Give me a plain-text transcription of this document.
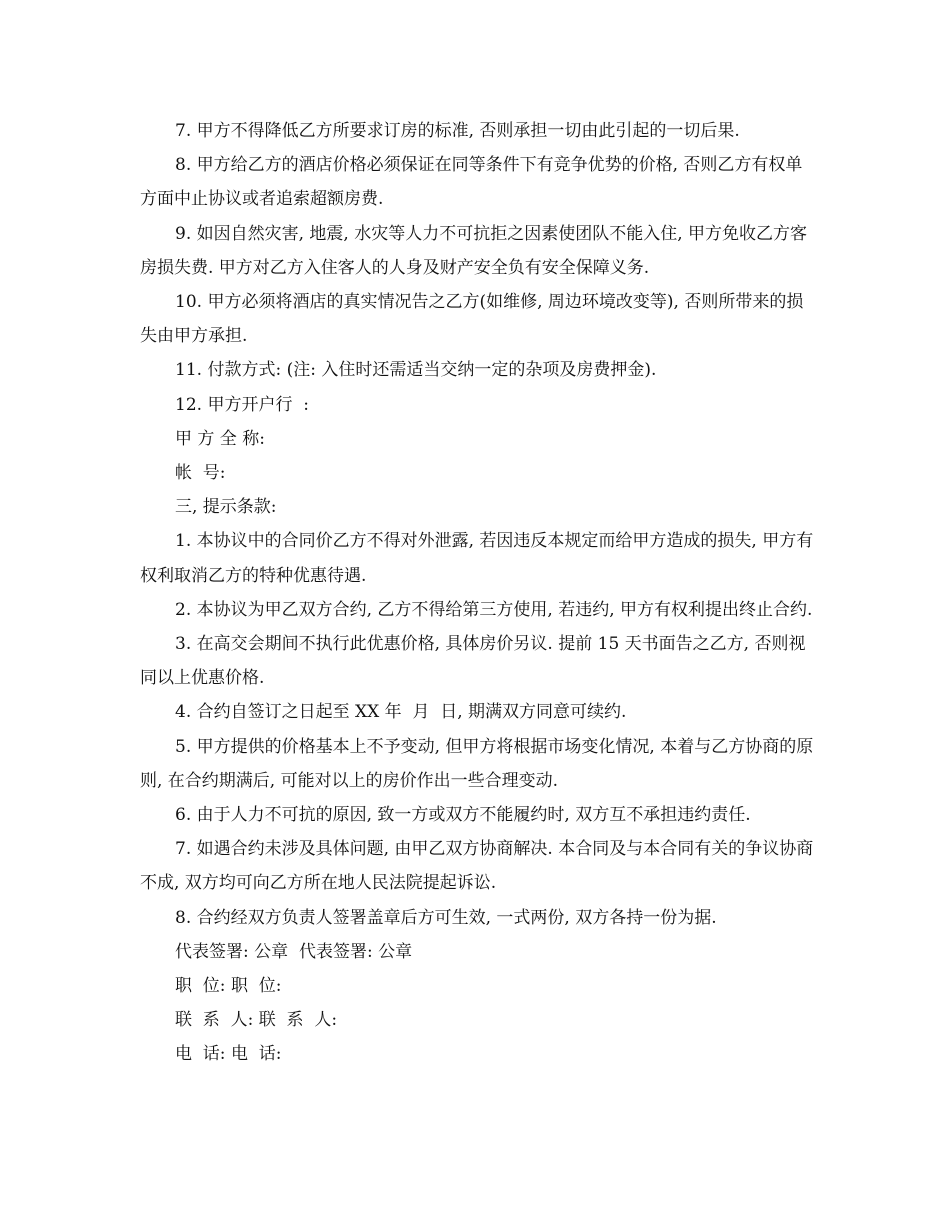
7. 甲方不得降低乙方所要求订房的标准, 否则承担一切由此引起的一切后果.

8. 甲方给乙方的酒店价格必须保证在同等条件下有竞争优势的价格, 否则乙方有权单方面中止协议或者追索超额房费.

9. 如因自然灾害, 地震, 水灾等人力不可抗拒之因素使团队不能入住, 甲方免收乙方客房损失费. 甲方对乙方入住客人的人身及财产安全负有安全保障义务.

10. 甲方必须将酒店的真实情况告之乙方(如维修, 周边环境改变等), 否则所带来的损失由甲方承担.

11. 付款方式: (注: 入住时还需适当交纳一定的杂项及房费押金).

12. 甲方开户行  :

甲 方 全 称:

帐  号:

三, 提示条款:

1. 本协议中的合同价乙方不得对外泄露, 若因违反本规定而给甲方造成的损失, 甲方有权利取消乙方的特种优惠待遇.

2. 本协议为甲乙双方合约, 乙方不得给第三方使用, 若违约, 甲方有权利提出终止合约.

3. 在高交会期间不执行此优惠价格, 具体房价另议. 提前 15 天书面告之乙方, 否则视同以上优惠价格.

4. 合约自签订之日起至 XX 年  月  日, 期满双方同意可续约.

5. 甲方提供的价格基本上不予变动, 但甲方将根据市场变化情况, 本着与乙方协商的原则, 在合约期满后, 可能对以上的房价作出一些合理变动.

6. 由于人力不可抗的原因, 致一方或双方不能履约时, 双方互不承担违约责任.

7. 如遇合约未涉及具体问题, 由甲乙双方协商解决. 本合同及与本合同有关的争议协商不成, 双方均可向乙方所在地人民法院提起诉讼.

8. 合约经双方负责人签署盖章后方可生效, 一式两份, 双方各持一份为据.

代表签署: 公章  代表签署: 公章

职  位: 职  位:

联  系  人: 联  系  人:

电  话: 电  话:
